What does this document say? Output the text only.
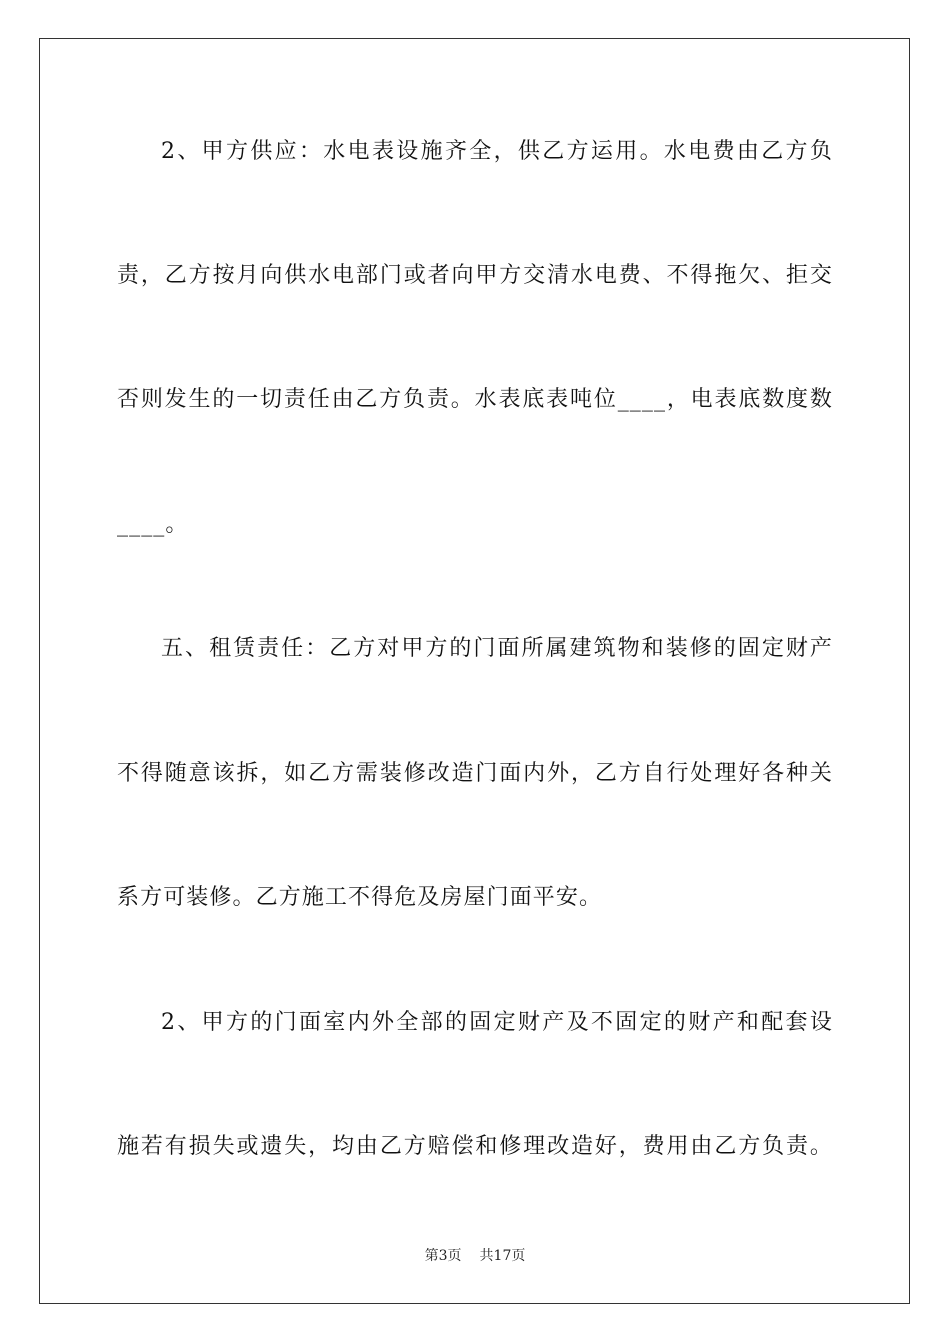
2、甲方供应：水电表设施齐全，供乙方运用。水电费由乙方负
责，乙方按月向供水电部门或者向甲方交清水电费、不得拖欠、拒交
否则发生的一切责任由乙方负责。水表底表吨位____，电表底数度数
____。
五、租赁责任：乙方对甲方的门面所属建筑物和装修的固定财产
不得随意该拆，如乙方需装修改造门面内外，乙方自行处理好各种关
系方可装修。乙方施工不得危及房屋门面平安。
2、甲方的门面室内外全部的固定财产及不固定的财产和配套设
施若有损失或遗失，均由乙方赔偿和修理改造好，费用由乙方负责。
第3页 共17页
